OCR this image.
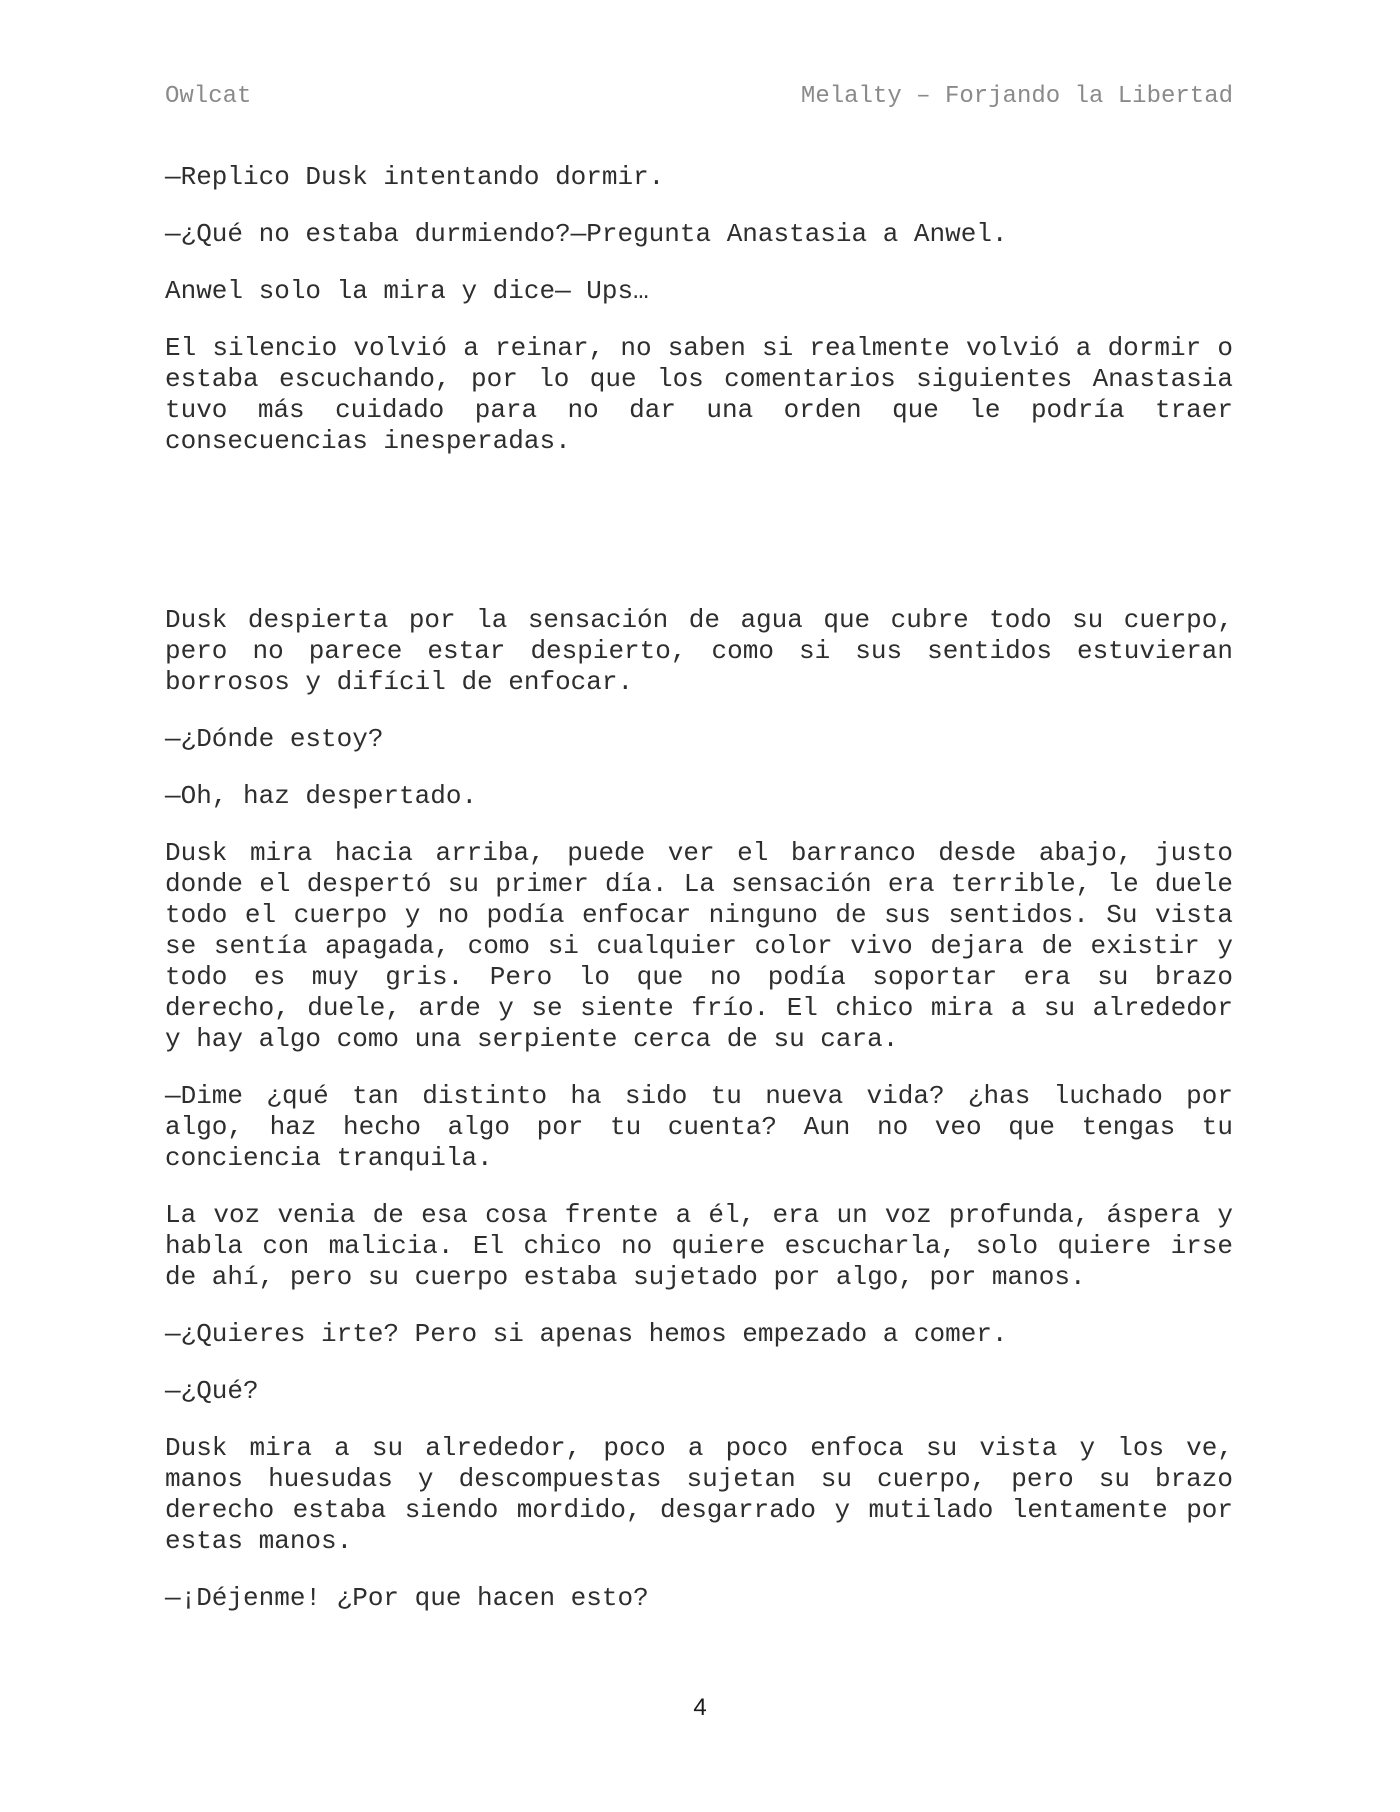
Owlcat	Melalty – Forjando la Libertad

—Replico Dusk intentando dormir.

—¿Qué no estaba durmiendo?—Pregunta Anastasia a Anwel.

Anwel solo la mira y dice— Ups…

El silencio volvió a reinar, no saben si realmente volvió a dormir o estaba escuchando, por lo que los comentarios siguientes Anastasia tuvo más cuidado para no dar una orden que le podría traer consecuencias inesperadas.

Dusk despierta por la sensación de agua que cubre todo su cuerpo, pero no parece estar despierto, como si sus sentidos estuvieran borrosos y difícil de enfocar.

—¿Dónde estoy?

—Oh, haz despertado.

Dusk mira hacia arriba, puede ver el barranco desde abajo, justo donde el despertó su primer día. La sensación era terrible, le duele todo el cuerpo y no podía enfocar ninguno de sus sentidos. Su vista se sentía apagada, como si cualquier color vivo dejara de existir y todo es muy gris. Pero lo que no podía soportar era su brazo derecho, duele, arde y se siente frío. El chico mira a su alrededor y hay algo como una serpiente cerca de su cara.

—Dime ¿qué tan distinto ha sido tu nueva vida? ¿has luchado por algo, haz hecho algo por tu cuenta? Aun no veo que tengas tu conciencia tranquila.

La voz venia de esa cosa frente a él, era un voz profunda, áspera y habla con malicia. El chico no quiere escucharla, solo quiere irse de ahí, pero su cuerpo estaba sujetado por algo, por manos.

—¿Quieres irte? Pero si apenas hemos empezado a comer.

—¿Qué?

Dusk mira a su alrededor, poco a poco enfoca su vista y los ve, manos huesudas y descompuestas sujetan su cuerpo, pero su brazo derecho estaba siendo mordido, desgarrado y mutilado lentamente por estas manos.

—¡Déjenme! ¿Por que hacen esto?

4
